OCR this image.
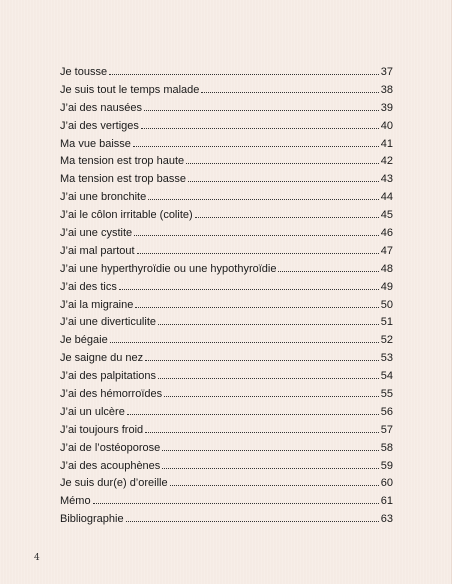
Je tousse	37
Je suis tout le temps malade	38
J’ai des nausées	39
J’ai des vertiges	40
Ma vue baisse	41
Ma tension est trop haute	42
Ma tension est trop basse	43
J’ai une bronchite	44
J’ai le côlon irritable (colite)	45
J’ai une cystite	46
J’ai mal partout	47
J’ai une hyperthyroïdie ou une hypothyroïdie	48
J’ai des tics	49
J’ai la migraine	50
J’ai une diverticulite	51
Je bégaie	52
Je saigne du nez	53
J’ai des palpitations	54
J’ai des hémorroïdes	55
J’ai un ulcère	56
J’ai toujours froid	57
J’ai de l’ostéoporose	58
J’ai des acouphènes	59
Je suis dur(e) d’oreille	60
Mémo	61
Bibliographie	63
4
